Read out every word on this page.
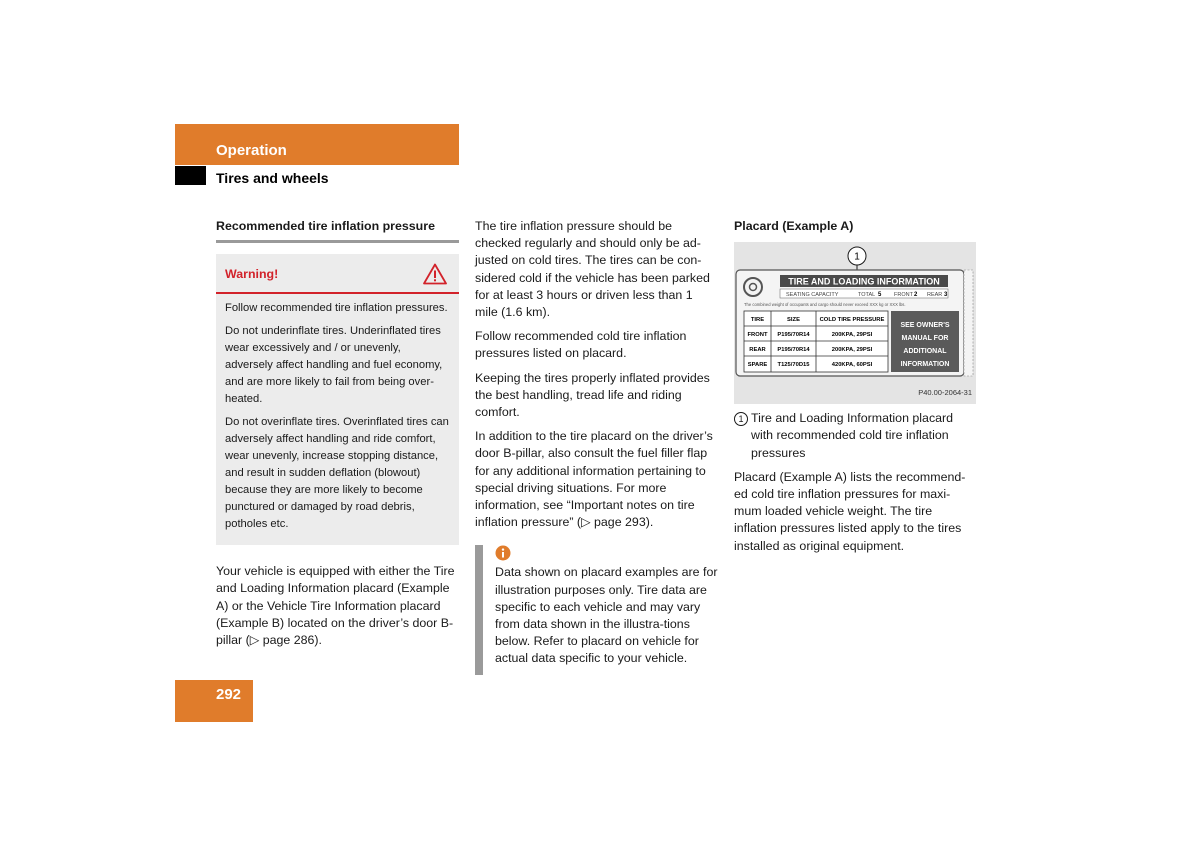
Operation
Tires and wheels
Recommended tire inflation pressure
Warning!

Follow recommended tire inflation pressures.

Do not underinflate tires. Underinflated tires wear excessively and / or unevenly, adversely affect handling and fuel economy, and are more likely to fail from being over-heated.

Do not overinflate tires. Overinflated tires can adversely affect handling and ride comfort, wear unevenly, increase stopping distance, and result in sudden deflation (blowout) because they are more likely to become punctured or damaged by road debris, potholes etc.

Your vehicle is equipped with either the Tire and Loading Information placard (Example A) or the Vehicle Tire Information placard (Example B) located on the driver’s door B-pillar (▷ page 286).

The tire inflation pressure should be checked regularly and should only be ad-justed on cold tires. The tires can be con-sidered cold if the vehicle has been parked for at least 3 hours or driven less than 1 mile (1.6 km).

Follow recommended cold tire inflation pressures listed on placard.

Keeping the tires properly inflated provides the best handling, tread life and riding comfort.

In addition to the tire placard on the driver’s door B-pillar, also consult the fuel filler flap for any additional information pertaining to special driving situations. For more information, see “Important notes on tire inflation pressure” (▷ page 293).

Data shown on placard examples are for illustration purposes only. Tire data are specific to each vehicle and may vary from data shown in the illustra-tions below. Refer to placard on vehicle for actual data specific to your vehicle.

Placard (Example A)
1
TIRE AND LOADING INFORMATION
SEATING CAPACITY	TOTAL 5 FRONT 2 REAR 3
The combined weight of occupants and cargo should never exceed XXX kg or XXX lbs.
TIRE	SIZE	COLD TIRE PRESSURE
FRONT P195/70R14	200KPA, 29PSI
REAR P195/70R14	200KPA, 29PSI
SPARE T125/70D15	420KPA, 60PSI
SEE OWNER'S
MANUAL FOR
ADDITIONAL
INFORMATION
P40.00-2064-31
1 Tire and Loading Information placard with recommended cold tire inflation pressures

Placard (Example A) lists the recommend-ed cold tire inflation pressures for maxi-mum loaded vehicle weight. The tire inflation pressures listed apply to the tires installed as original equipment.

292
